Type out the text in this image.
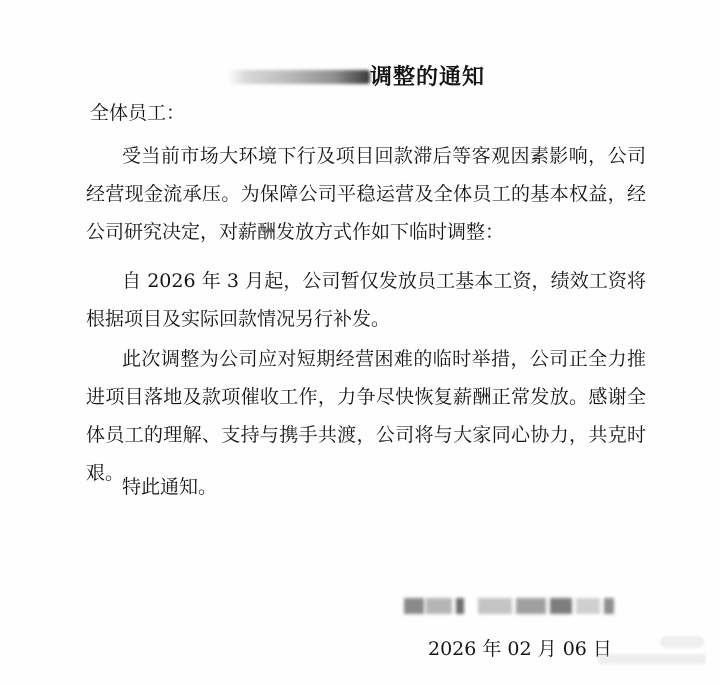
调整的通知
全体员工：

受当前市场大环境下行及项目回款滞后等客观因素影响，公司经营现金流承压。为保障公司平稳运营及全体员工的基本权益，经公司研究决定，对薪酬发放方式作如下临时调整：

自 2026 年 3 月起，公司暂仅发放员工基本工资，绩效工资将根据项目及实际回款情况另行补发。

此次调整为公司应对短期经营困难的临时举措，公司正全力推进项目落地及款项催收工作，力争尽快恢复薪酬正常发放。感谢全体员工的理解、支持与携手共渡，公司将与大家同心协力，共克时艰。

特此通知。

2026 年 02 月 06 日
